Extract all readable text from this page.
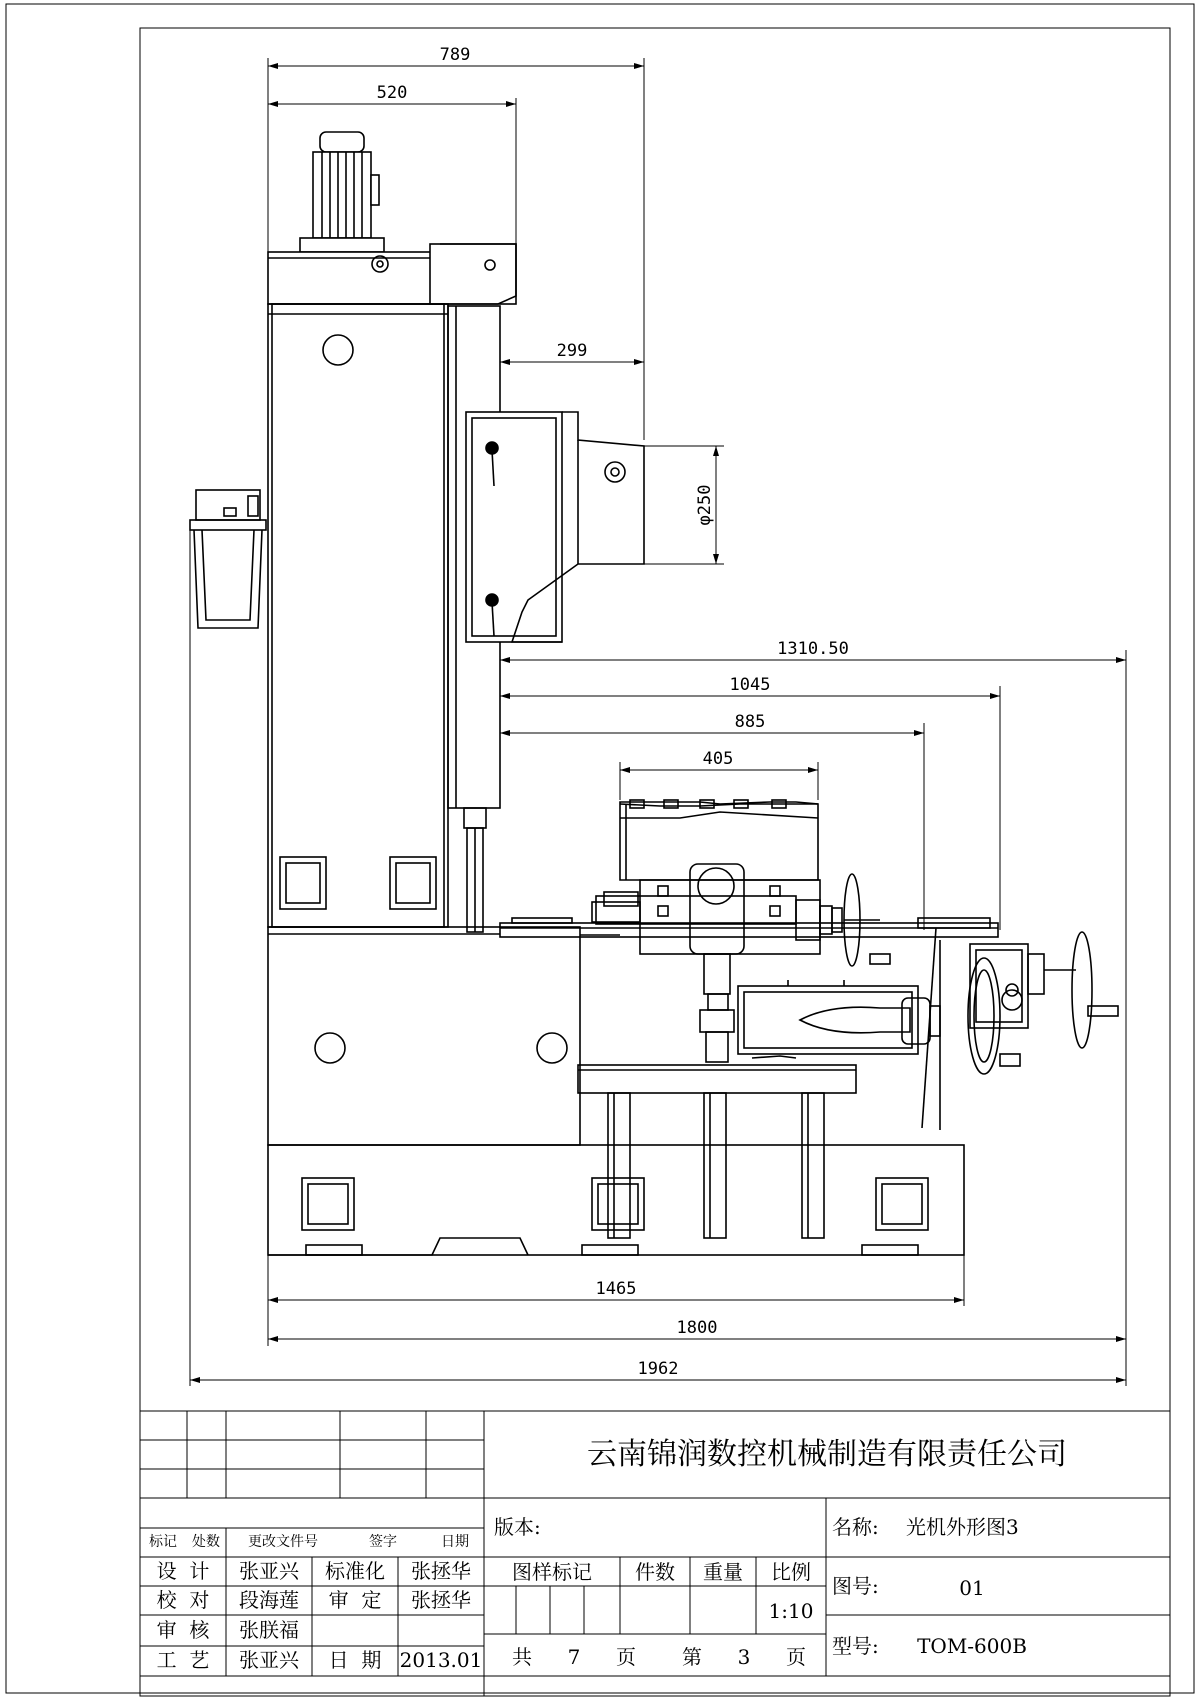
789
520
299
φ250
1310.50
1045
885
405
1465
1800
1962
云南锦润数控机械制造有限责任公司
标记 处数 更改文件号	签字	日期
设  计 张亚兴 标准化 张拯华
校  对 段海莲 审  定 张拯华
审  核 张朕福
工  艺 张亚兴 日  期 2013.01
版本:
图样标记 件数 重量 比例
1:10
共 7 页 第 3 页
名称: 光机外形图3
图号:	01
型号: TOM-600B
